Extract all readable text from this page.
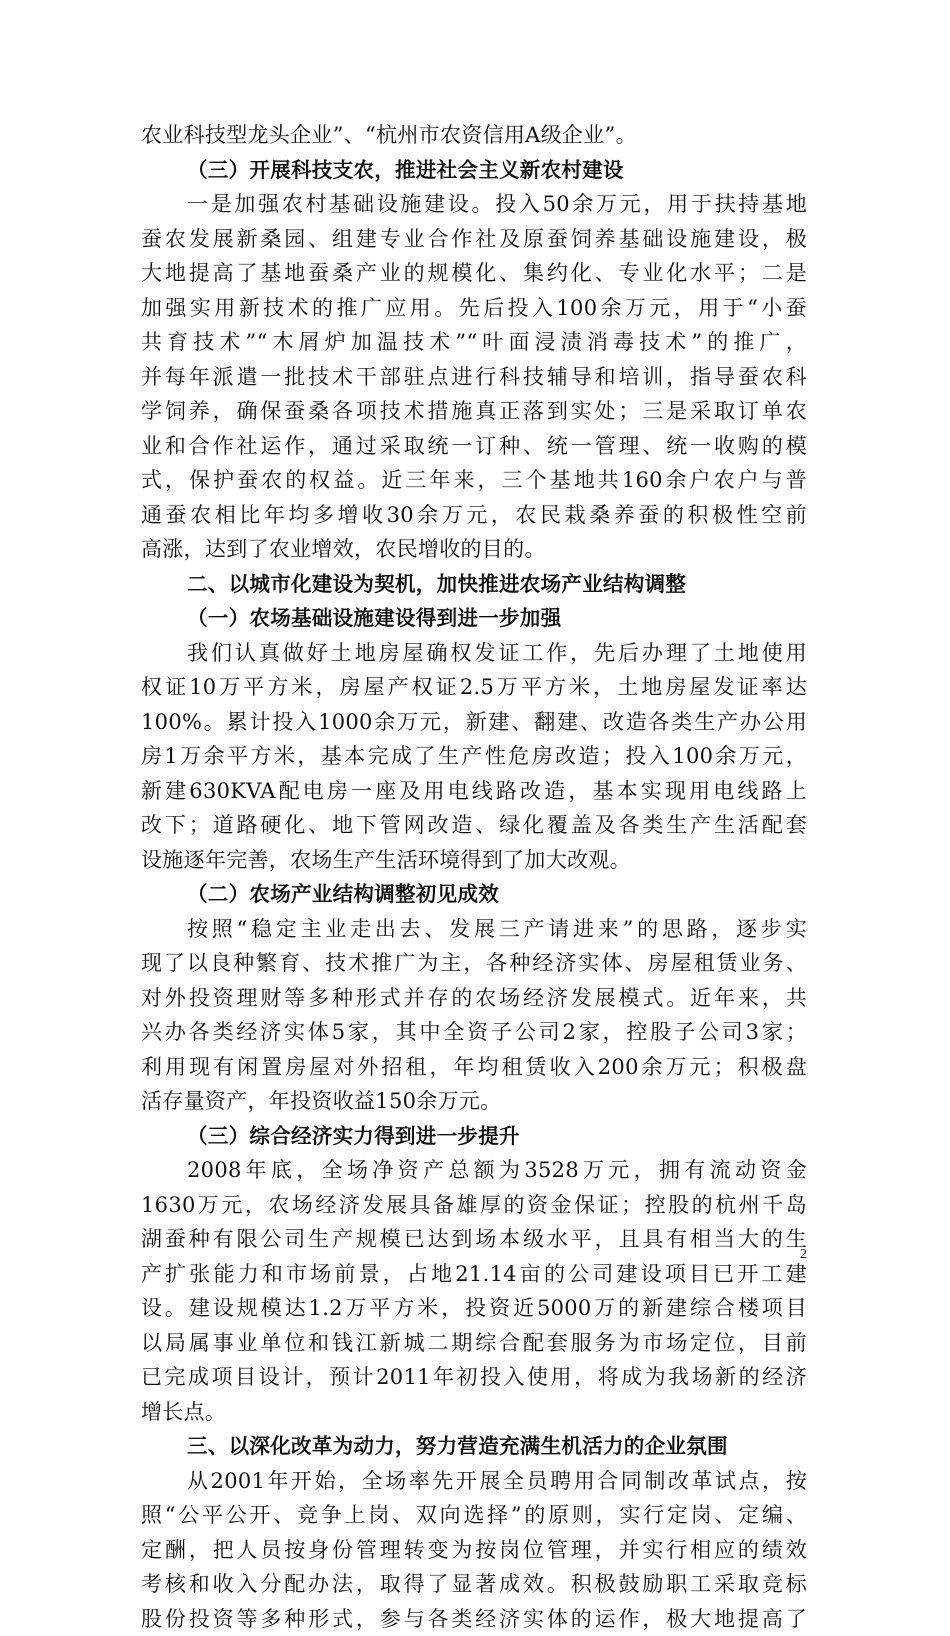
农业科技型龙头企业”、“杭州市农资信用A级企业”。
（三）开展科技支农，推进社会主义新农村建设
一是加强农村基础设施建设。投入50余万元，用于扶持基地
蚕农发展新桑园、组建专业合作社及原蚕饲养基础设施建设，极
大地提高了基地蚕桑产业的规模化、集约化、专业化水平；二是
加强实用新技术的推广应用。先后投入100余万元，用于“小蚕
共育技术”“木屑炉加温技术”“叶面浸渍消毒技术”的推广，
并每年派遣一批技术干部驻点进行科技辅导和培训，指导蚕农科
学饲养，确保蚕桑各项技术措施真正落到实处；三是采取订单农
业和合作社运作，通过采取统一订种、统一管理、统一收购的模
式，保护蚕农的权益。近三年来，三个基地共160余户农户与普
通蚕农相比年均多增收30余万元，农民栽桑养蚕的积极性空前
高涨，达到了农业增效，农民增收的目的。
二、以城市化建设为契机，加快推进农场产业结构调整
（一）农场基础设施建设得到进一步加强
我们认真做好土地房屋确权发证工作，先后办理了土地使用
权证10万平方米，房屋产权证2.5万平方米，土地房屋发证率达
100%。累计投入1000余万元，新建、翻建、改造各类生产办公用
房1万余平方米，基本完成了生产性危房改造；投入100余万元，
新建630KVA配电房一座及用电线路改造，基本实现用电线路上
改下；道路硬化、地下管网改造、绿化覆盖及各类生产生活配套
设施逐年完善，农场生产生活环境得到了加大改观。
（二）农场产业结构调整初见成效
按照“稳定主业走出去、发展三产请进来”的思路，逐步实
现了以良种繁育、技术推广为主，各种经济实体、房屋租赁业务、
对外投资理财等多种形式并存的农场经济发展模式。近年来，共
兴办各类经济实体5家，其中全资子公司2家，控股子公司3家；
利用现有闲置房屋对外招租，年均租赁收入200余万元；积极盘
活存量资产，年投资收益150余万元。
（三）综合经济实力得到进一步提升
2008年底，全场净资产总额为3528万元，拥有流动资金
1630万元，农场经济发展具备雄厚的资金保证；控股的杭州千岛
湖蚕种有限公司生产规模已达到场本级水平，且具有相当大的生
产扩张能力和市场前景，占地21.14亩的公司建设项目已开工建
设。建设规模达1.2万平方米，投资近5000万的新建综合楼项目
以局属事业单位和钱江新城二期综合配套服务为市场定位，目前
已完成项目设计，预计2011年初投入使用，将成为我场新的经济
增长点。
三、以深化改革为动力，努力营造充满生机活力的企业氛围
从2001年开始，全场率先开展全员聘用合同制改革试点，按
照“公平公开、竞争上岗、双向选择”的原则，实行定岗、定编、
定酬，把人员按身份管理转变为按岗位管理，并实行相应的绩效
考核和收入分配办法，取得了显著成效。积极鼓励职工采取竞标
股份投资等多种形式，参与各类经济实体的运作，极大地提高了
2
